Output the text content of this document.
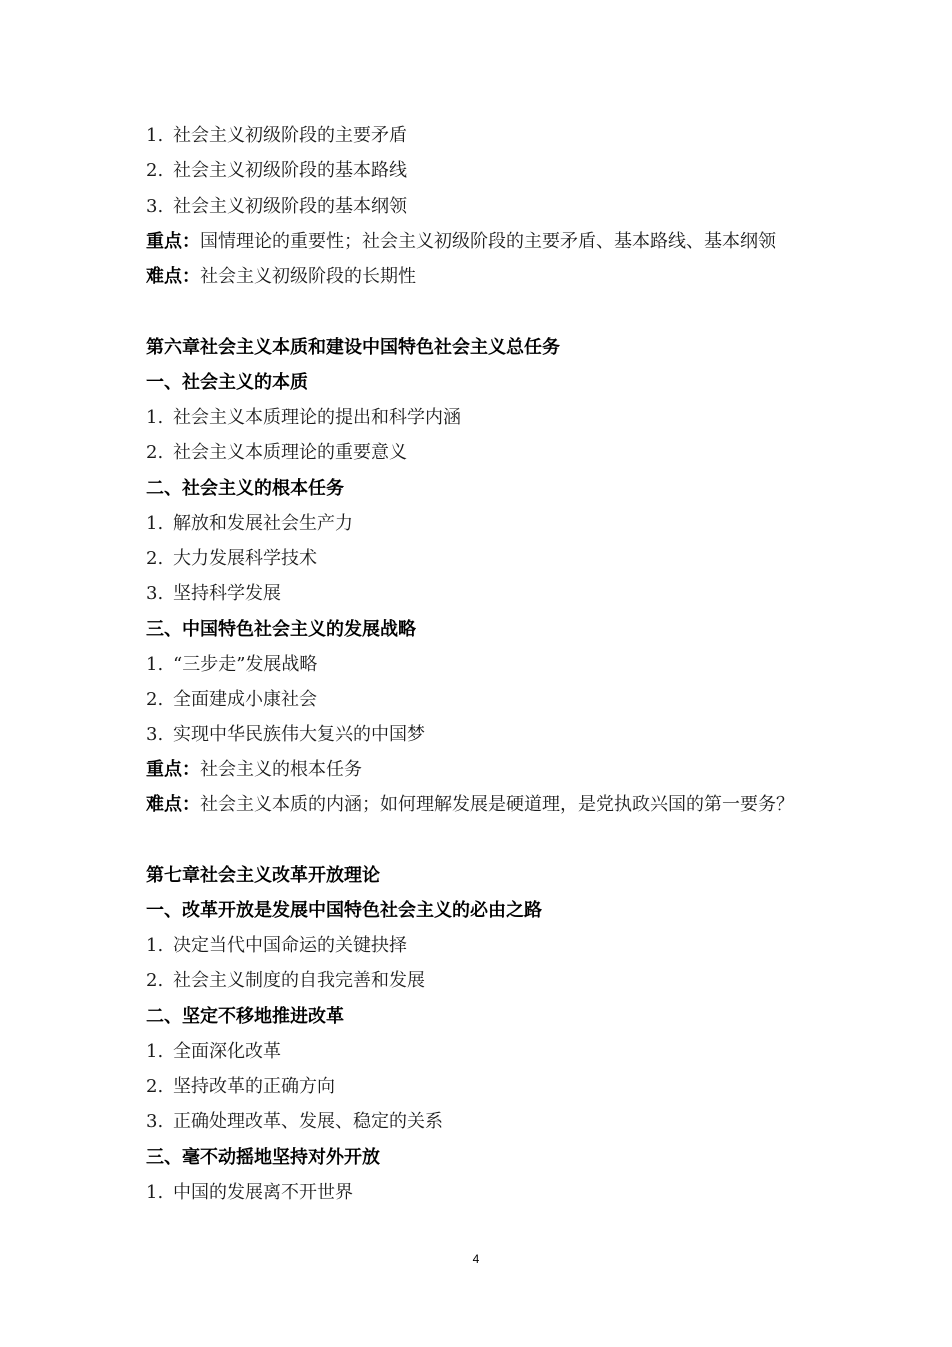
1. 社会主义初级阶段的主要矛盾
2. 社会主义初级阶段的基本路线
3. 社会主义初级阶段的基本纲领
重点：国情理论的重要性；社会主义初级阶段的主要矛盾、基本路线、基本纲领
难点：社会主义初级阶段的长期性
第六章社会主义本质和建设中国特色社会主义总任务
一、社会主义的本质
1. 社会主义本质理论的提出和科学内涵
2. 社会主义本质理论的重要意义
二、社会主义的根本任务
1. 解放和发展社会生产力
2. 大力发展科学技术
3. 坚持科学发展
三、中国特色社会主义的发展战略
1. “三步走”发展战略
2. 全面建成小康社会
3. 实现中华民族伟大复兴的中国梦
重点：社会主义的根本任务
难点：社会主义本质的内涵；如何理解发展是硬道理，是党执政兴国的第一要务？
第七章社会主义改革开放理论
一、改革开放是发展中国特色社会主义的必由之路
1. 决定当代中国命运的关键抉择
2. 社会主义制度的自我完善和发展
二、坚定不移地推进改革
1. 全面深化改革
2. 坚持改革的正确方向
3. 正确处理改革、发展、稳定的关系
三、毫不动摇地坚持对外开放
1. 中国的发展离不开世界
4
